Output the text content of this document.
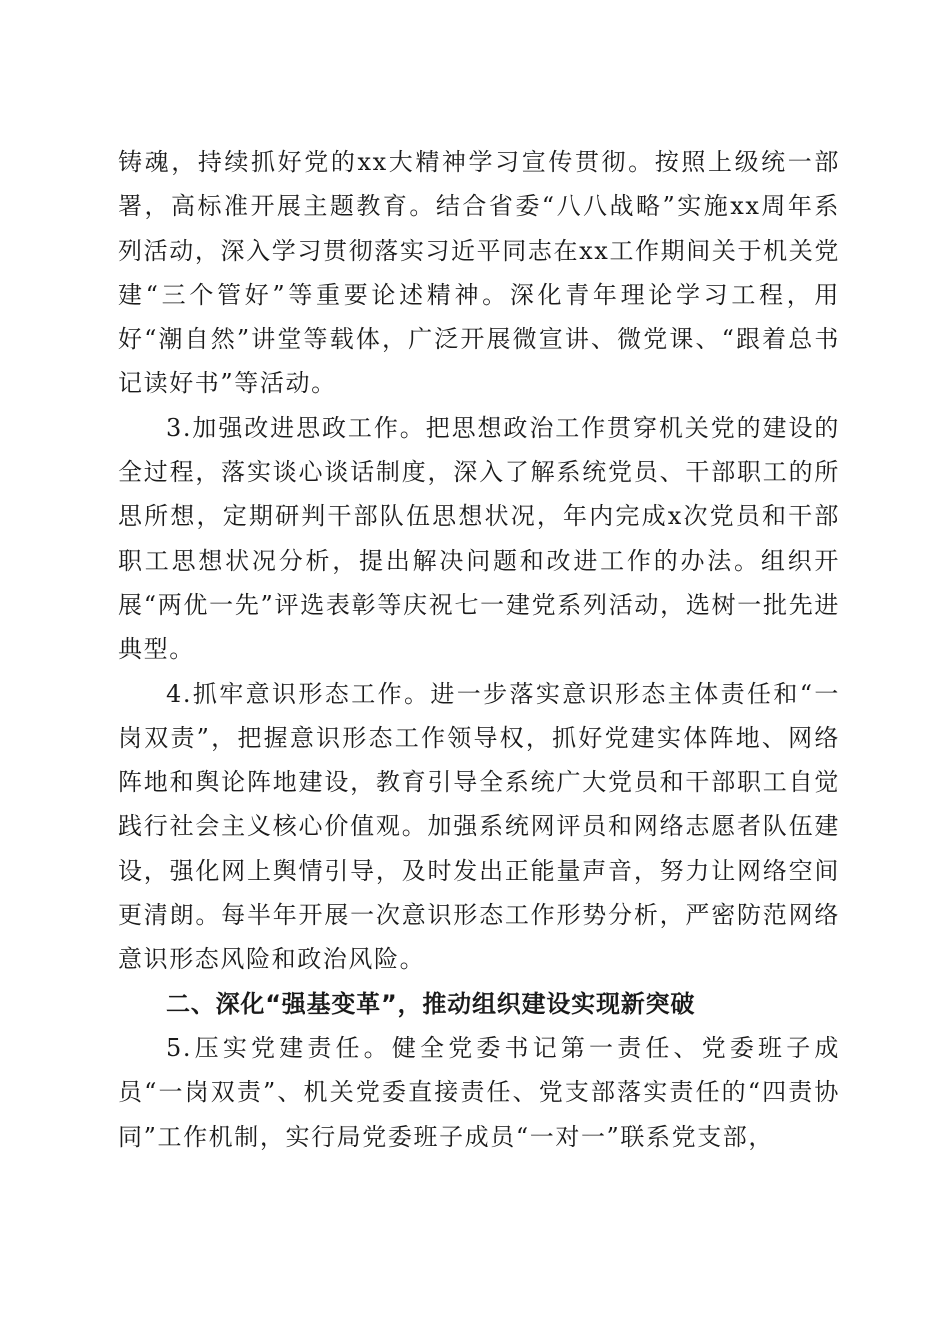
铸魂，持续抓好党的xx大精神学习宣传贯彻。按照上级统一部署，高标准开展主题教育。结合省委“八八战略”实施xx周年系列活动，深入学习贯彻落实习近平同志在xx工作期间关于机关党建“三个管好”等重要论述精神。深化青年理论学习工程，用好“潮自然”讲堂等载体，广泛开展微宣讲、微党课、“跟着总书记读好书”等活动。

3.加强改进思政工作。把思想政治工作贯穿机关党的建设的全过程，落实谈心谈话制度，深入了解系统党员、干部职工的所思所想，定期研判干部队伍思想状况，年内完成x次党员和干部职工思想状况分析，提出解决问题和改进工作的办法。组织开展“两优一先”评选表彰等庆祝七一建党系列活动，选树一批先进典型。

4.抓牢意识形态工作。进一步落实意识形态主体责任和“一岗双责”，把握意识形态工作领导权，抓好党建实体阵地、网络阵地和舆论阵地建设，教育引导全系统广大党员和干部职工自觉践行社会主义核心价值观。加强系统网评员和网络志愿者队伍建设，强化网上舆情引导，及时发出正能量声音，努力让网络空间更清朗。每半年开展一次意识形态工作形势分析，严密防范网络意识形态风险和政治风险。

二、深化“强基变革”，推动组织建设实现新突破

5.压实党建责任。健全党委书记第一责任、党委班子成员“一岗双责”、机关党委直接责任、党支部落实责任的“四责协同”工作机制，实行局党委班子成员“一对一”联系党支部，
